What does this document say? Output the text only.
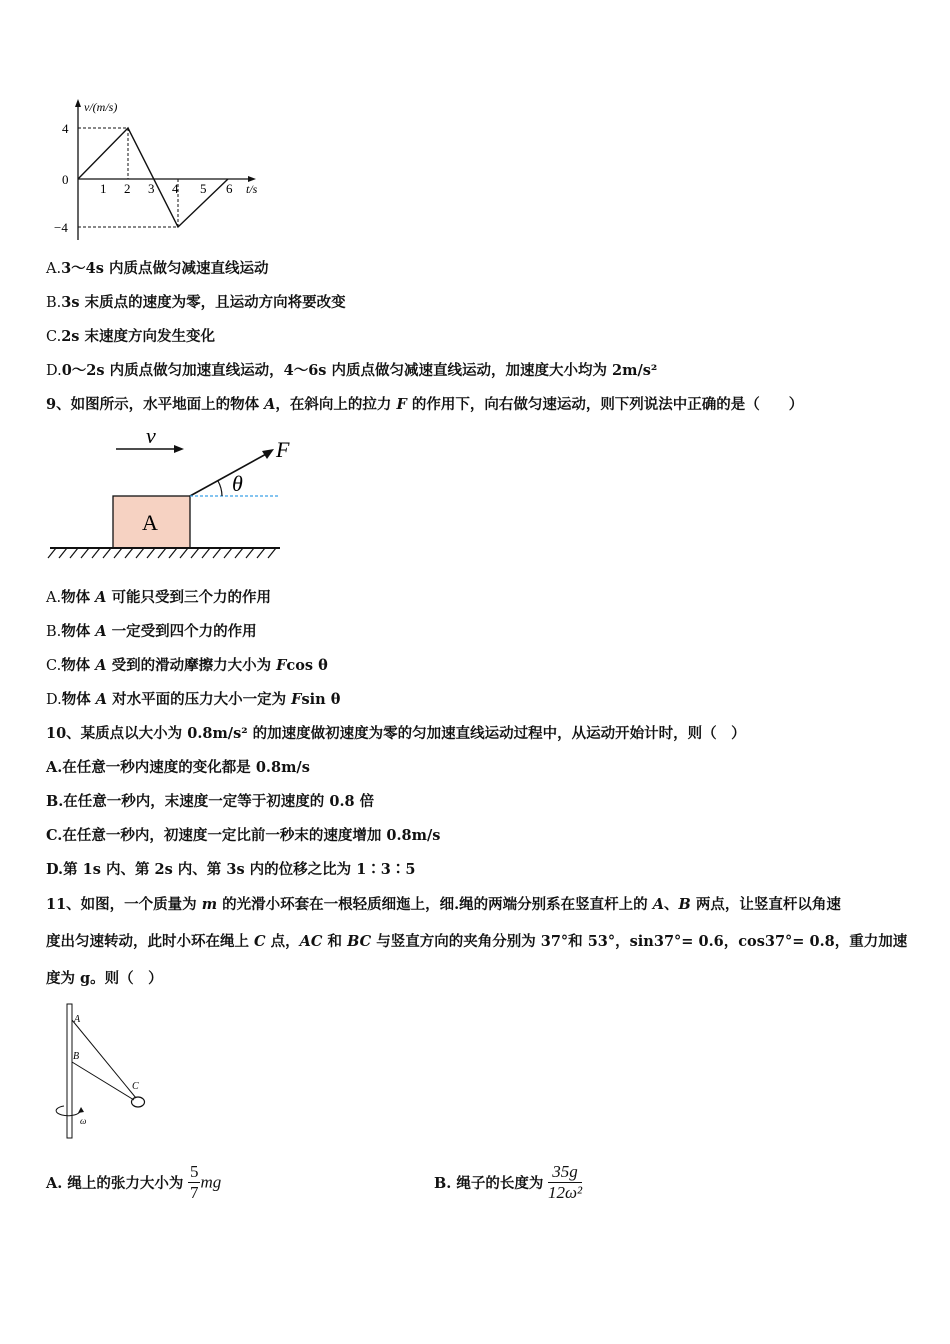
v/(m/s)
t/s
4
0
−4
1 2 3 4 5 6
A.3～4s 内质点做匀减速直线运动
B.3s 末质点的速度为零，且运动方向将要改变
C.2s 末速度方向发生变化
D.0～2s 内质点做匀加速直线运动，4～6s 内质点做匀减速直线运动，加速度大小均为 2m/s²
9、如图所示，水平地面上的物体 A，在斜向上的拉力 F 的作用下，向右做匀速运动，则下列说法中正确的是（　　）
v
A
F
θ
A.物体 A 可能只受到三个力的作用
B.物体 A 一定受到四个力的作用
C.物体 A 受到的滑动摩擦力大小为 Fcos θ
D.物体 A 对水平面的压力大小一定为 Fsin θ
10、某质点以大小为 0.8m/s² 的加速度做初速度为零的匀加速直线运动过程中，从运动开始计时，则（　）
A.在任意一秒内速度的变化都是 0.8m/s
B.在任意一秒内，末速度一定等于初速度的 0.8 倍
C.在任意一秒内，初速度一定比前一秒末的速度增加 0.8m/s
D.第 1s 内、第 2s 内、第 3s 内的位移之比为 1∶3∶5
11、如图，一个质量为 m 的光滑小环套在一根轻质细迤上，细.绳的两端分别系在竖直杆上的 A、B 两点，让竖直杆以角速
度出匀速转动，此时小环在绳上 C 点，AC 和 BC 与竖直方向的夹角分别为 37°和 53°，sin37°= 0.6，cos37°= 0.8，重力加速
度为 g。则（　）
A
B
C
ω
A. 绳上的张力大小为 $\frac{5}{7}$ mg	B. 绳子的长度为 $\frac{35g}{\text{12ω²}}$
